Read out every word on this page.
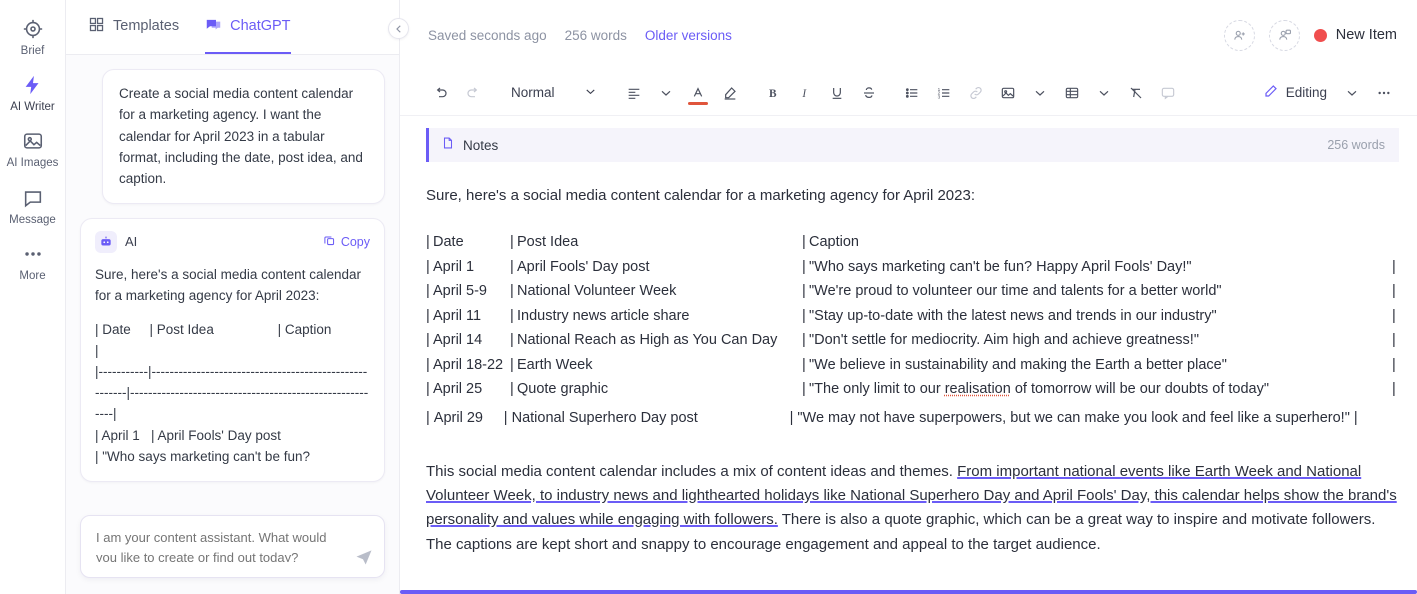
Brief
AI Writer
AI Images
Message
More
Templates	ChatGPT
Create a social media content calendar for a marketing agency. I want the calendar for April 2023 in a tabular format, including the date, post idea, and caption.
AI	Copy
Sure, here's a social media content calendar for a marketing agency for April 2023:
| Date     | Post Idea                 | Caption
|
|-----------|-------------------------------------------------------|---------------------------------------------------------|
| April 1   | April Fools' Day post
| "Who says marketing can't be fun?
I am your content assistant. What would you like to create or find out today?
Saved seconds ago 256 words Older versions	New Item
Normal	B I	1
2
3	Editing
Notes	256 words

Sure, here's a social media content calendar for a marketing agency for April 2023:

| Date	| Post Idea	| Caption
| April 1	| April Fools' Day post	| "Who says marketing can't be fun? Happy April Fools' Day!"	|
| April 5-9	| National Volunteer Week	| "We're proud to volunteer our time and talents for a better world"	|
| April 11	| Industry news article share	| "Stay up-to-date with the latest news and trends in our industry"	|
| April 14	| National Reach as High as You Can Day	| "Don't settle for mediocrity. Aim high and achieve greatness!"	|
| April 18-22 | Earth Week	| "We believe in sustainability and making the Earth a better place"	|
| April 25	| Quote graphic	| "The only limit to our realisation of tomorrow will be our doubts of today"	|
| April 29 | National Superhero Day post	| "We may not have superpowers, but we can make you look and feel like a superhero!" |

This social media content calendar includes a mix of content ideas and themes. From important national events like Earth Week and National Volunteer Week, to industry news and lighthearted holidays like National Superhero Day and April Fools' Day, this calendar helps show the brand's personality and values while engaging with followers. There is also a quote graphic, which can be a great way to inspire and motivate followers. The captions are kept short and snappy to encourage engagement and appeal to the target audience.
